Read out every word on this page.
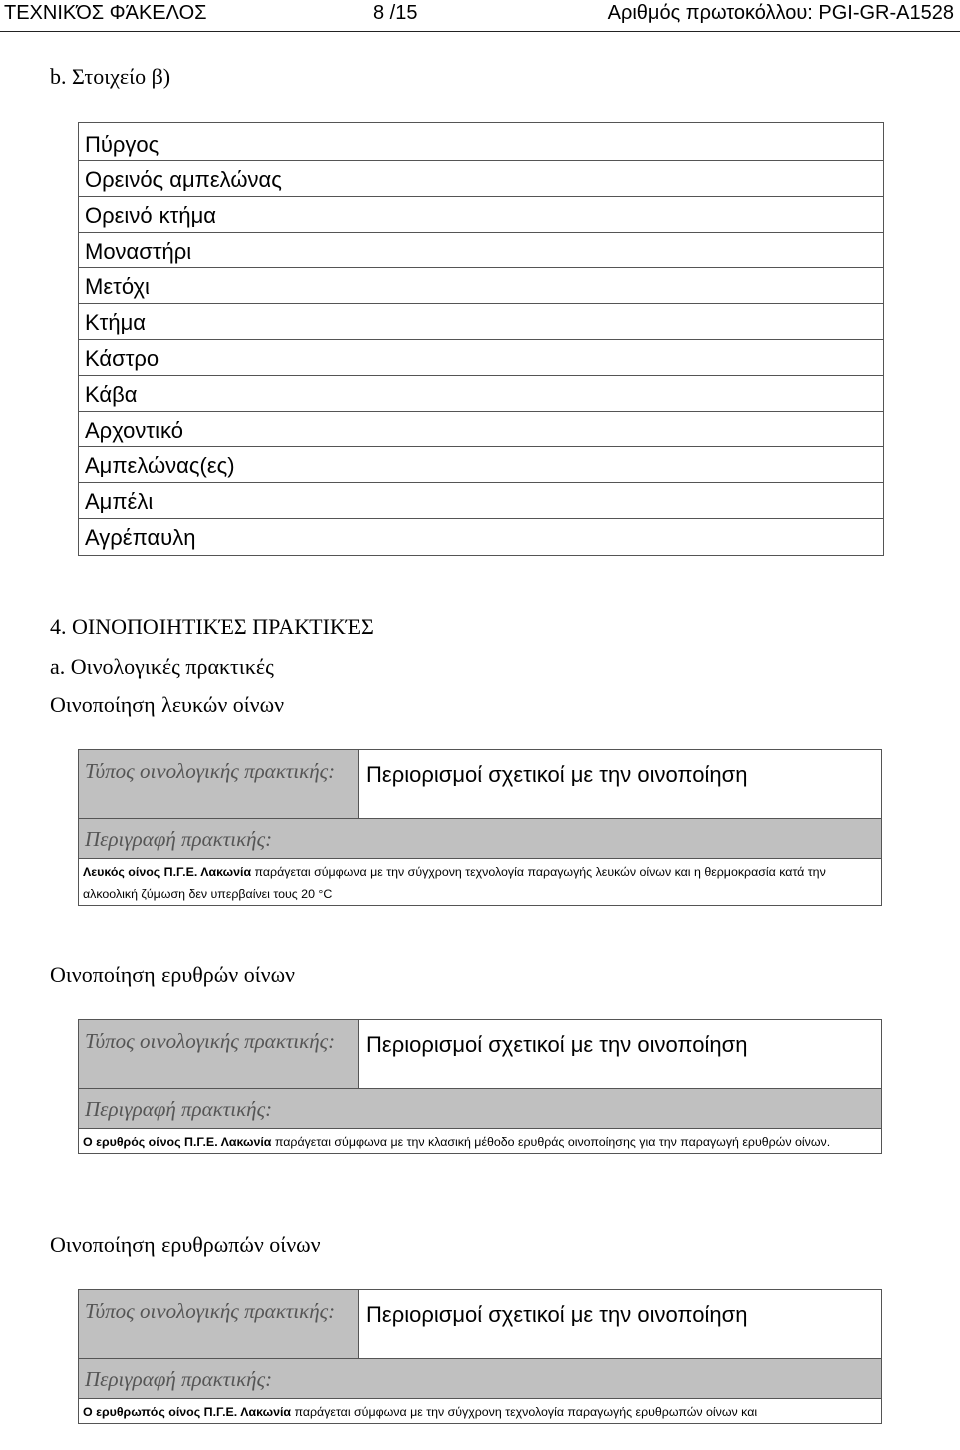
ΤΕΧΝΙΚΌΣ ΦΆΚΕΛΟΣ	8 /15	Αριθμός πρωτοκόλλου: PGI-GR-A1528
b. Στοιχείο β)
Πύργος
Ορεινός αμπελώνας
Ορεινό κτήμα
Μοναστήρι
Μετόχι
Κτήμα
Κάστρο
Κάβα
Αρχοντικό
Αμπελώνας(ες)
Αμπέλι
Αγρέπαυλη
4. ΟΙΝΟΠΟΙΗΤΙΚΈΣ ΠΡΑΚΤΙΚΈΣ
a. Οινολογικές πρακτικές
Οινοποίηση λευκών οίνων
Τύπος οινολογικής πρακτικής:	Περιορισμοί σχετικοί με την οινοποίηση
Περιγραφή πρακτικής:
Λευκός οίνος Π.Γ.Ε. Λακωνία παράγεται σύμφωνα με την σύγχρονη τεχνολογία παραγωγής λευκών οίνων και η θερμοκρασία κατά την αλκοολική ζύμωση δεν υπερβαίνει τους 20 °C
Οινοποίηση ερυθρών οίνων
Τύπος οινολογικής πρακτικής:	Περιορισμοί σχετικοί με την οινοποίηση
Περιγραφή πρακτικής:
Ο ερυθρός οίνος Π.Γ.Ε. Λακωνία παράγεται σύμφωνα με την κλασική μέθοδο ερυθράς οινοποίησης για την παραγωγή ερυθρών οίνων.
Οινοποίηση ερυθρωπών οίνων
Τύπος οινολογικής πρακτικής:	Περιορισμοί σχετικοί με την οινοποίηση
Περιγραφή πρακτικής:
Ο ερυθρωπός οίνος Π.Γ.Ε. Λακωνία παράγεται σύμφωνα με την σύγχρονη τεχνολογία παραγωγής ερυθρωπών οίνων και
